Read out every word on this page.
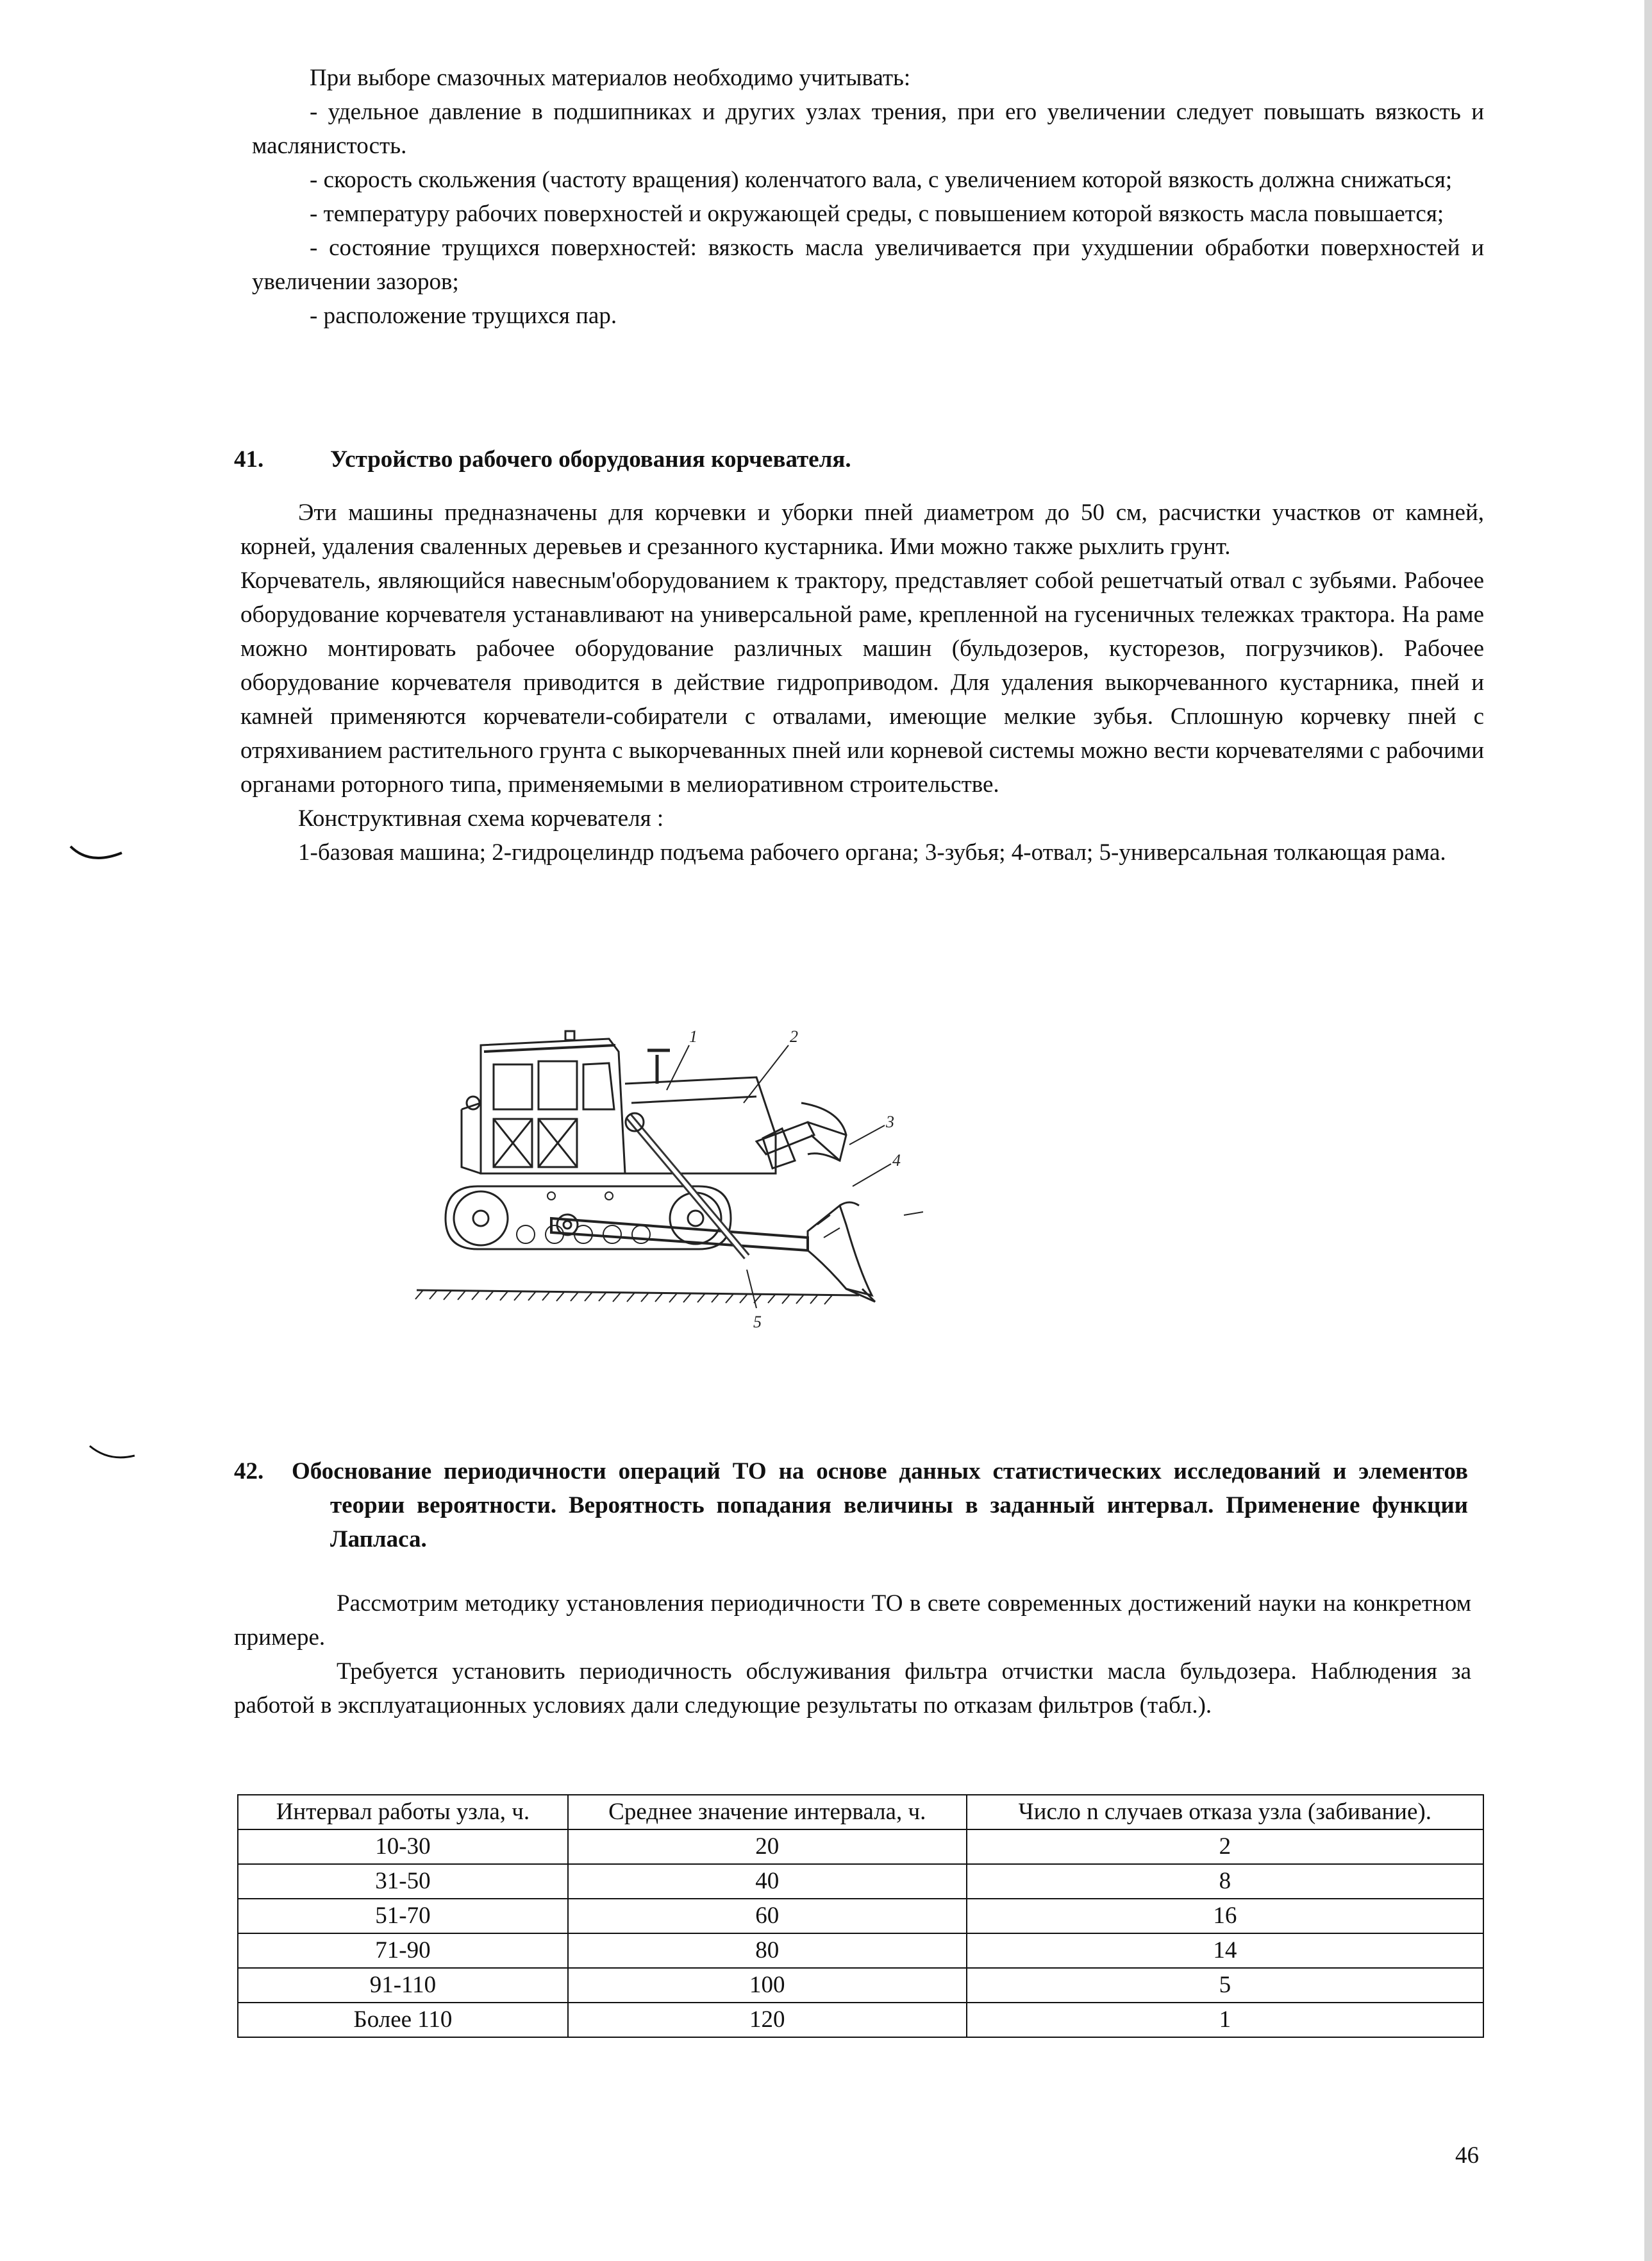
При выборе смазочных материалов необходимо учитывать:

- удельное давление в подшипниках и других узлах трения, при его увеличении следует повышать вязкость и маслянистость.

- скорость скольжения (частоту вращения) коленчатого вала, с увеличением которой вязкость должна снижаться;

- температуру рабочих поверхностей и окружающей среды, с повышением которой вязкость масла повышается;

- состояние трущихся поверхностей: вязкость масла увеличивается при ухудшении обработки поверхностей и увеличении зазоров;

- расположение трущихся пар.

41.	Устройство рабочего оборудования корчевателя.

Эти машины предназначены для корчевки и уборки пней диаметром до 50 см, расчистки участков от камней, корней, удаления сваленных деревьев и срезанного кустарника. Ими можно также рыхлить грунт.

Корчеватель, являющийся навесным'оборудованием к трактору, представляет собой решетчатый отвал с зубьями. Рабочее оборудование корчевателя устанавливают на универсальной раме, крепленной на гусеничных тележках трактора. На раме можно монтировать рабочее оборудование различных машин (бульдозеров, кусторезов, погрузчиков). Рабочее оборудование корчевателя приводится в действие гидроприводом. Для удаления выкорчеванного кустарника, пней и камней применяются корчеватели-собиратели с отвалами, имеющие мелкие зубья. Сплошную корчевку пней с отряхиванием растительного грунта с выкорчеванных пней или корневой системы можно вести корчевателями с рабочими органами роторного типа, применяемыми в мелиоративном строительстве.

Конструктивная схема корчевателя :

1-базовая машина; 2-гидроцелиндр подъема рабочего органа; 3-зубья; 4-отвал; 5-универсальная толкающая рама.

1	2
3
4
5
42. Обоснование периодичности операций ТО на основе данных статистических исследований и элементов теории вероятности. Вероятность попадания величины в заданный интервал. Применение функции Лапласа.

Рассмотрим методику установления периодичности ТО в свете современных достижений науки на конкретном примере.

Требуется установить периодичность обслуживания фильтра отчистки масла бульдозера. Наблюдения за работой в эксплуатационных условиях дали следующие результаты по отказам фильтров (табл.).

Интервал работы узла, ч.	Среднее значение интервала, ч.	Число n случаев отказа узла (забивание).
10-30	20	2
31-50	40	8
51-70	60	16
71-90	80	14
91-110	100	5
Более 110	120	1
46
